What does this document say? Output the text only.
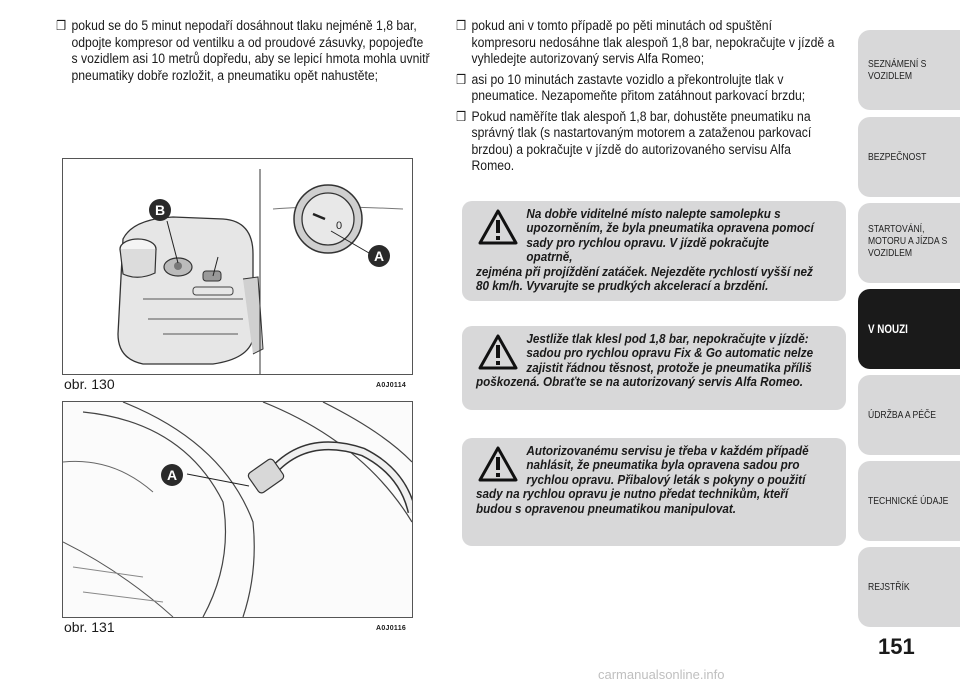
❒ pokud se do 5 minut nepodaří dosáhnout tlaku nejméně 1,8 bar, odpojte kompresor od ventilku a od proudové zásuvky, popojeďte s vozidlem asi 10 metrů dopředu, aby se lepicí hmota mohla uvnitř pneumatiky dobře rozložit, a pneumatiku opět nahustěte;
0
B
A
obr. 130	A0J0114
A
obr. 131	A0J0116
❒ pokud ani v tomto případě po pěti minutách od spuštění kompresoru nedosáhne tlak alespoň 1,8 bar, nepokračujte v jízdě a vyhledejte autorizovaný servis Alfa Romeo;
❒ asi po 10 minutách zastavte vozidlo a překontrolujte tlak v pneumatice. Nezapomeňte přitom zatáhnout parkovací brzdu;
❒ Pokud naměříte tlak alespoň 1,8 bar, dohustěte pneumatiku na správný tlak (s nastartovaným motorem a zataženou parkovací brzdou) a pokračujte v jízdě do autorizovaného servisu Alfa Romeo.
Na dobře viditelné místo nalepte samolepku s upozorněním, že byla pneumatika opravena pomocí sady pro rychlou opravu. V jízdě pokračujte opatrně,
zejména při projíždění zatáček. Nejezděte rychlostí vyšší než 80 km/h. Vyvarujte se prudkých akcelerací a brzdění.
Jestliže tlak klesl pod 1,8 bar, nepokračujte v jízdě: sadou pro rychlou opravu Fix & Go automatic nelze zajistit řádnou těsnost, protože je pneumatika příliš
poškozená. Obraťte se na autorizovaný servis Alfa Romeo.
Autorizovanému servisu je třeba v každém případě nahlásit, že pneumatika byla opravena sadou pro rychlou opravu. Přibalový leták s pokyny o použití
sady na rychlou opravu je nutno předat technikům, kteří budou s opravenou pneumatikou manipulovat.
SEZNÁMENÍ S VOZIDLEM
BEZPEČNOST
STARTOVÁNÍ, MOTORU A JÍZDA S VOZIDLEM
V NOUZI
ÚDRŽBA A PÉČE
TECHNICKÉ ÚDAJE
REJSTŘÍK
151
carmanualsonline.info
